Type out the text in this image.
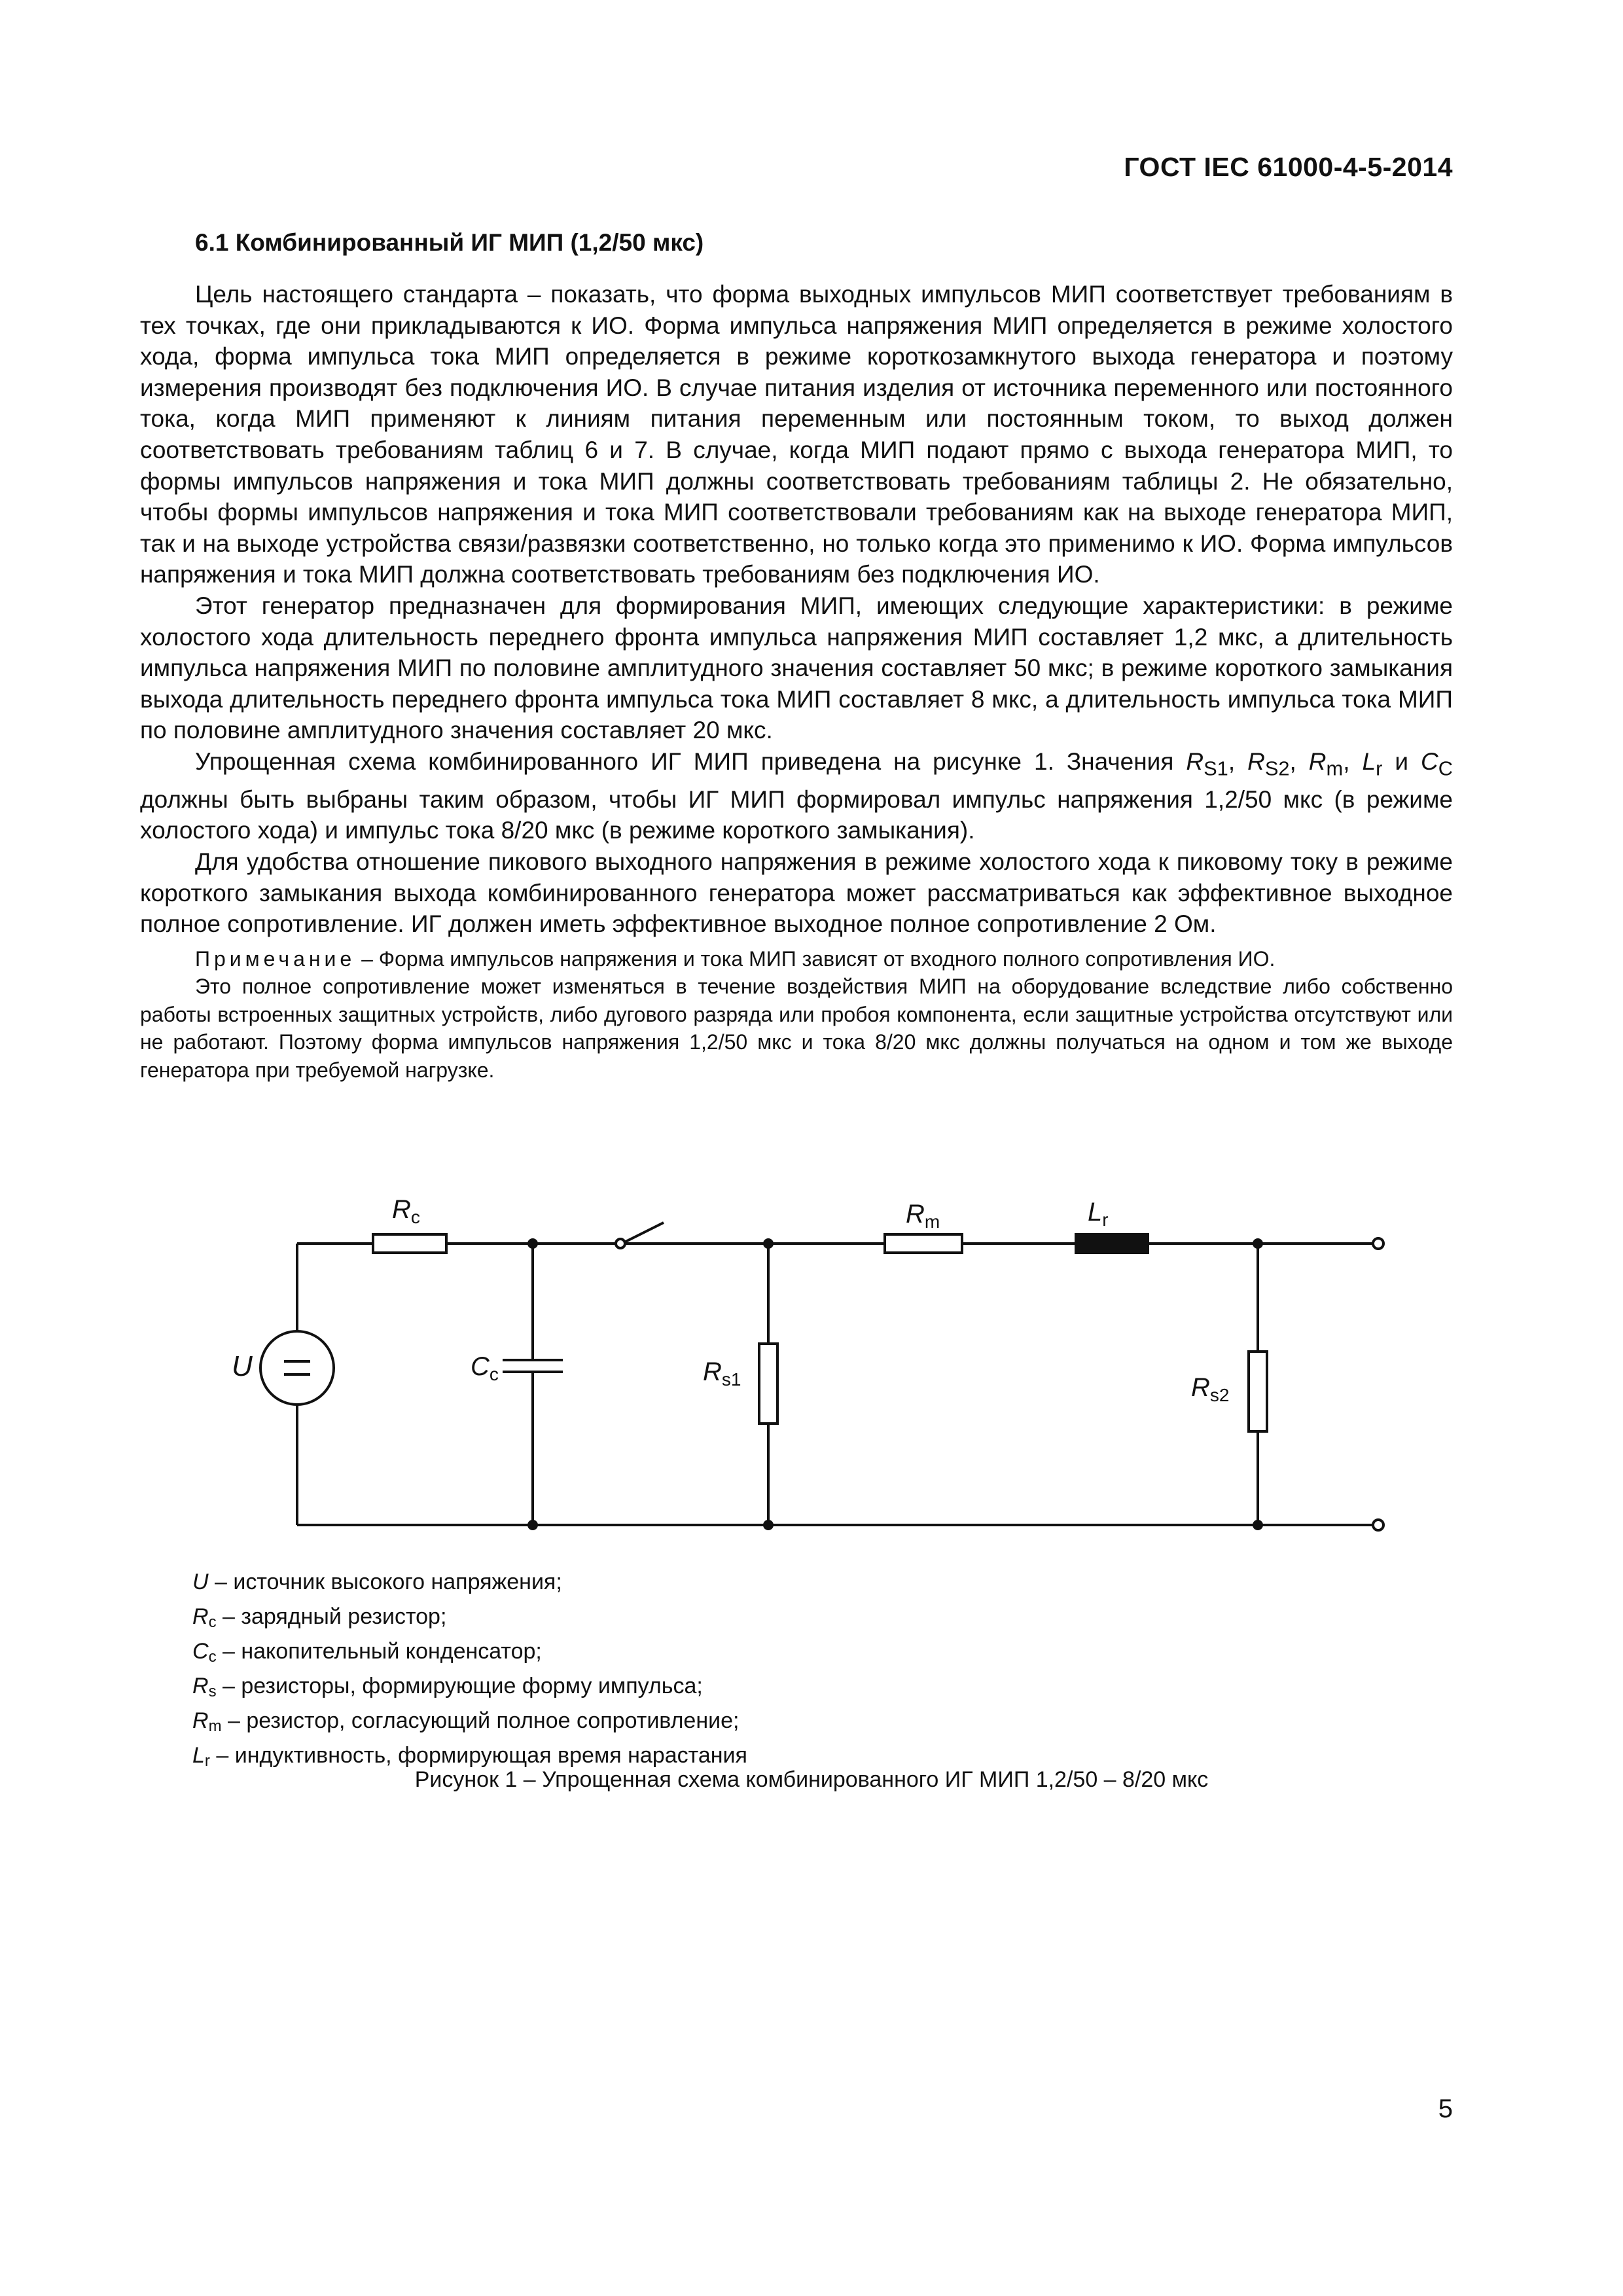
ГОСТ IEC 61000-4-5-2014
6.1 Комбинированный ИГ МИП (1,2/50 мкс)

Цель настоящего стандарта – показать, что форма выходных импульсов МИП соответствует требованиям в тех точках, где они прикладываются к ИО. Форма импульса напряжения МИП определяется в режиме холостого хода, форма импульса тока МИП определяется в режиме короткозамкнутого выхода генератора и поэтому измерения производят без подключения ИО. В случае питания изделия от источника переменного или постоянного тока, когда МИП применяют к линиям питания переменным или постоянным током, то выход должен соответствовать требованиям таблиц 6 и 7. В случае, когда МИП подают прямо с выхода генератора МИП, то формы импульсов напряжения и тока МИП должны соответствовать требованиям таблицы 2. Не обязательно, чтобы формы импульсов напряжения и тока МИП соответствовали требованиям как на выходе генератора МИП, так и на выходе устройства связи/развязки соответственно, но только когда это применимо к ИО. Форма импульсов напряжения и тока МИП должна соответствовать требованиям без подключения ИО.

Этот генератор предназначен для формирования МИП, имеющих следующие характеристики: в режиме холостого хода длительность переднего фронта импульса напряжения МИП составляет 1,2 мкс, а длительность импульса напряжения МИП по половине амплитудного значения составляет 50 мкс; в режиме короткого замыкания выхода длительность переднего фронта импульса тока МИП составляет 8 мкс, а длительность импульса тока МИП по половине амплитудного значения составляет 20 мкс.

Упрощенная схема комбинированного ИГ МИП приведена на рисунке 1. Значения $R_{S1}$, $R_{S2}$, $R_m$, $L_r$ и $C_C$ должны быть выбраны таким образом, чтобы ИГ МИП формировал импульс напряжения 1,2/50 мкс (в режиме холостого хода) и импульс тока 8/20 мкс (в режиме короткого замыкания).

Для удобства отношение пикового выходного напряжения в режиме холостого хода к пиковому току в режиме короткого замыкания выхода комбинированного генератора может рассматриваться как эффективное выходное полное сопротивление. ИГ должен иметь эффективное выходное полное сопротивление 2 Ом.

Примечание – Форма импульсов напряжения и тока МИП зависят от входного полного сопротивления ИО.

Это полное сопротивление может изменяться в течение воздействия МИП на оборудование вследствие либо собственно работы встроенных защитных устройств, либо дугового разряда или пробоя компонента, если защитные устройства отсутствуют или не работают. Поэтому форма импульсов напряжения 1,2/50 мкс и тока 8/20 мкс должны получаться на одном и том же выходе генератора при требуемой нагрузке.

$R_c$	$R_m$	$L_r$
U	$C_c$	$R_{s1}$	$R_{s2}$
U – источник высокого напряжения;
$R_c$ – зарядный резистор;
$C_c$ – накопительный конденсатор;
$R_s$ – резисторы, формирующие форму импульса;
$R_m$ – резистор, согласующий полное сопротивление;
$L_r$ – индуктивность, формирующая время нарастания
Рисунок 1 – Упрощенная схема комбинированного ИГ МИП 1,2/50 – 8/20 мкс
5
